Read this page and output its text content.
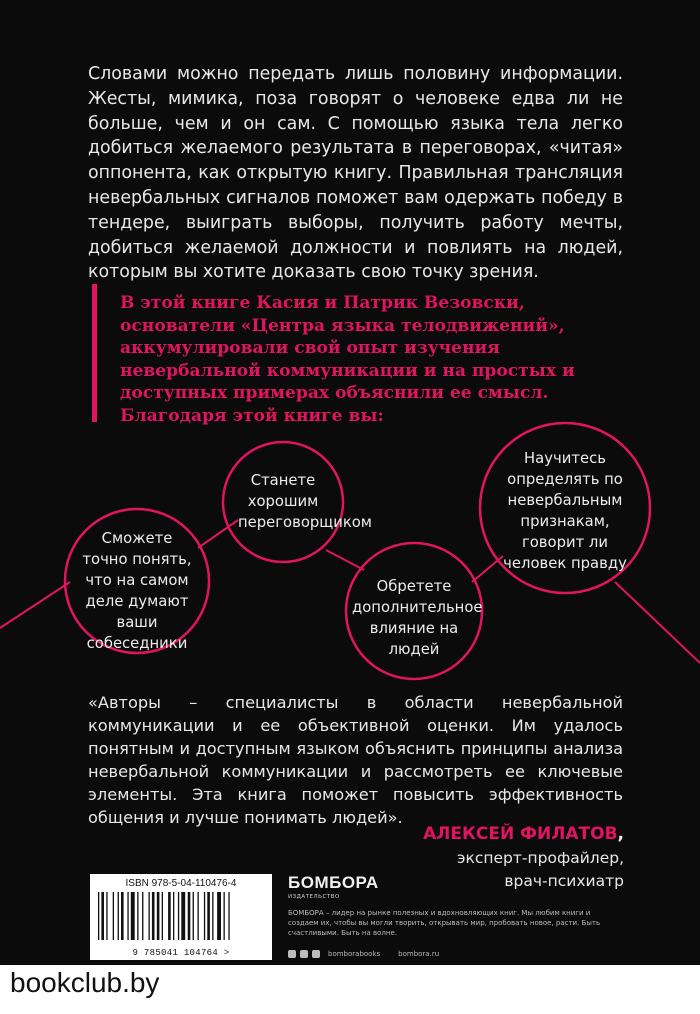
Словами можно передать лишь половину информации. Жесты, мимика, поза говорят о человеке едва ли не больше, чем и он сам. С помощью языка тела легко добиться желаемого результата в переговорах, «читая» оппонента, как открытую книгу. Правильная трансляция невербальных сигналов поможет вам одержать победу в тендере, выиграть выборы, получить работу мечты, добиться желаемой должности и повлиять на людей, которым вы хотите доказать свою точку зрения.

В этой книге Касия и Патрик Везовски, основатели «Центра языка телодвижений», аккумулировали свой опыт изучения невербальной коммуникации и на простых и доступных примерах объяснили ее смысл. Благодаря этой книге вы:

Сможете точно понять, что на самом деле думают ваши собеседники
Станете хорошим переговорщиком
Обретете дополнительное влияние на людей
Научитесь определять по невербальным признакам, говорит ли человек правду

«Авторы – специалисты в области невербальной коммуникации и ее объективной оценки. Им удалось понятным и доступным языком объяснить принципы анализа невербальной коммуникации и рассмотреть ее ключевые элементы. Эта книга поможет повысить эффективность общения и лучше понимать людей».

АЛЕКСЕЙ ФИЛАТОВ,
эксперт-профайлер,
врач-психиатр
ISBN 978-5-04-110476-4
9 785041 104764 >
БОМБОРА
ИЗДАТЕЛЬСТВО

БОМБОРА – лидер на рынке полезных и вдохновляющих книг. Мы любим книги и создаем их, чтобы вы могли творить, открывать мир, пробовать новое, расти. Быть счастливыми. Быть на волне.

bomborabooks	bombora.ru
bookclub.by
